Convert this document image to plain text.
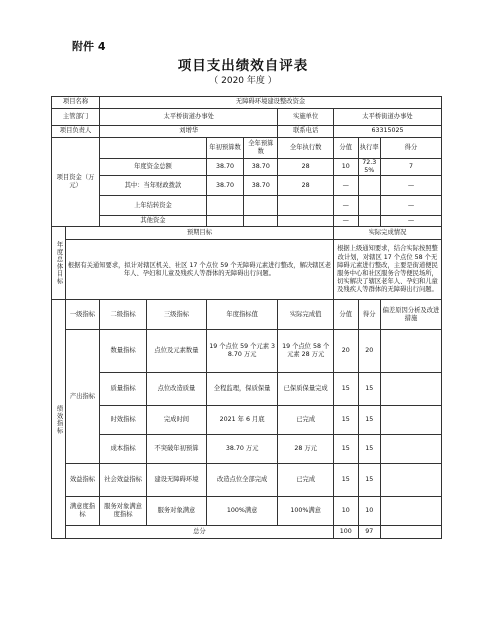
附件 4
项目支出绩效自评表
（ 2020 年度 ）
项目名称		无障碍环境建设整改资金							
主管部门		太平桥街道办事处				实施单位	太平桥街道办事处		
项目负责人		刘增华				联系电话	63315025		
项目资金（万元）				年初预算数	全年预算数	全年执行数	分值	执行率	得分
		年度资金总额		38.70	38.70	28	10	72.35%	7
		其中：当年财政拨款		38.70	38.70	28	—		—
		上年结转资金					—		—
		其他资金					—		—
年度总体目标	预期目标						实际完成情况		
	根据有关通知要求，拟计对辖区机关、社区 17 个点位 59 个无障碍元素进行整改，解决辖区老年人、孕妇和儿童及残疾人等群体的无障碍出行问题。						根据上级通知要求，结合实际按照整改计划，对辖区 17 个点位 58 个无障碍元素进行整改，主要是街道便民服务中心和社区服务合等便民场所，切实解决了辖区老年人、孕妇和儿童及残疾人等群体的无障碍出行问题。		
绩效指标	一级指标	二级指标	三级指标	年度指标值		实际完成值	分值	得分	偏差原因分析及改进措施
	产出指标	数量指标	点位及元素数量	19 个点位 59 个元素 38.70 万元		19 个点位 58 个元素 28 万元	20	20	
		质量指标	点位改造质量	全程监理，保质保量		已保质保量完成	15	15	
		时效指标	完成时间	2021 年 6 月底		已完成	15	15	
		成本指标	不突破年初预算	38.70 万元		28 万元	15	15	
	效益指标	社会效益指标	建设无障碍环境	改造点位全部完成		已完成	15	15	
	满意度指标	服务对象满意度指标	服务对象满意	100%满意		100%满意	10	10	
	总分						100	97	
